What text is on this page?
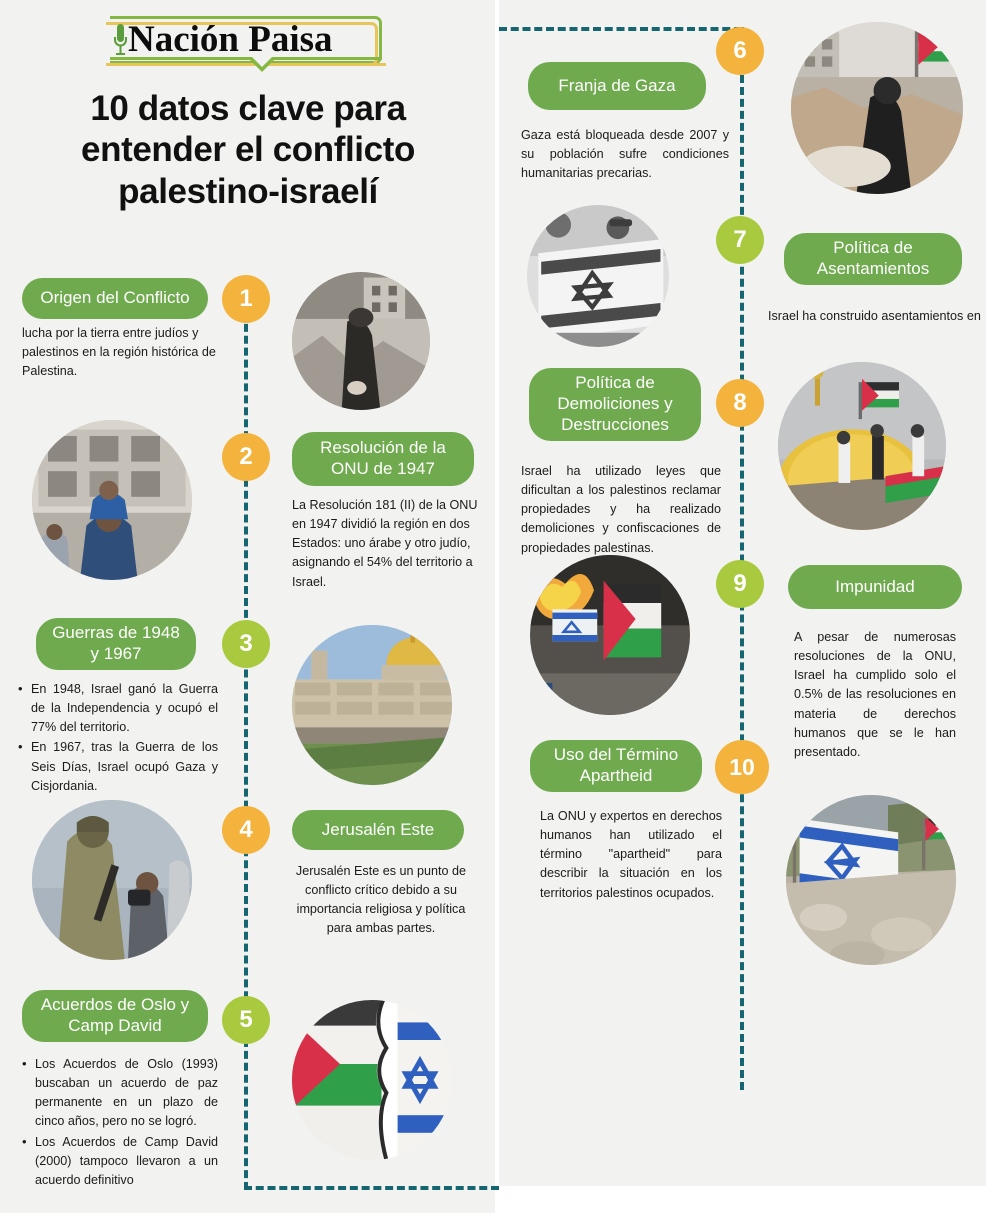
Nación Paisa
10 datos clave para entender el conflicto palestino-israelí
Origen del Conflicto	1
lucha por la tierra entre judíos y palestinos en la región histórica de Palestina.
Resolución de la ONU de 1947
2
La Resolución 181 (II) de la ONU en 1947 dividió la región en dos Estados: uno árabe y otro judío, asignando el 54% del territorio a Israel.
Guerras de 1948 y 1967	3
• En 1948, Israel ganó la Guerra de la Independencia y ocupó el 77% del territorio.
• En 1967, tras la Guerra de los Seis Días, Israel ocupó Gaza y Cisjordania.
Jerusalén Este
4
Jerusalén Este es un punto de conflicto crítico debido a su importancia religiosa y política para ambas partes.
Acuerdos de Oslo y Camp David	5
• Los Acuerdos de Oslo (1993) buscaban un acuerdo de paz permanente en un plazo de cinco años, pero no se logró.
• Los Acuerdos de Camp David (2000) tampoco llevaron a un acuerdo definitivo
Franja de Gaza
6
Gaza está bloqueada desde 2007 y su población sufre condiciones humanitarias precarias.
Política de Asentamientos
7
Israel ha construido asentamientos en
Política de Demoliciones y Destrucciones
8
Israel ha utilizado leyes que dificultan a los palestinos reclamar propiedades y ha realizado demoliciones y confiscaciones de propiedades palestinas.
Impunidad
9
A pesar de numerosas resoluciones de la ONU, Israel ha cumplido solo el 0.5% de las resoluciones en materia de derechos humanos que se le han presentado.
Uso del Término Apartheid	10
La ONU y expertos en derechos humanos han utilizado el término "apartheid" para describir la situación en los territorios palestinos ocupados.
